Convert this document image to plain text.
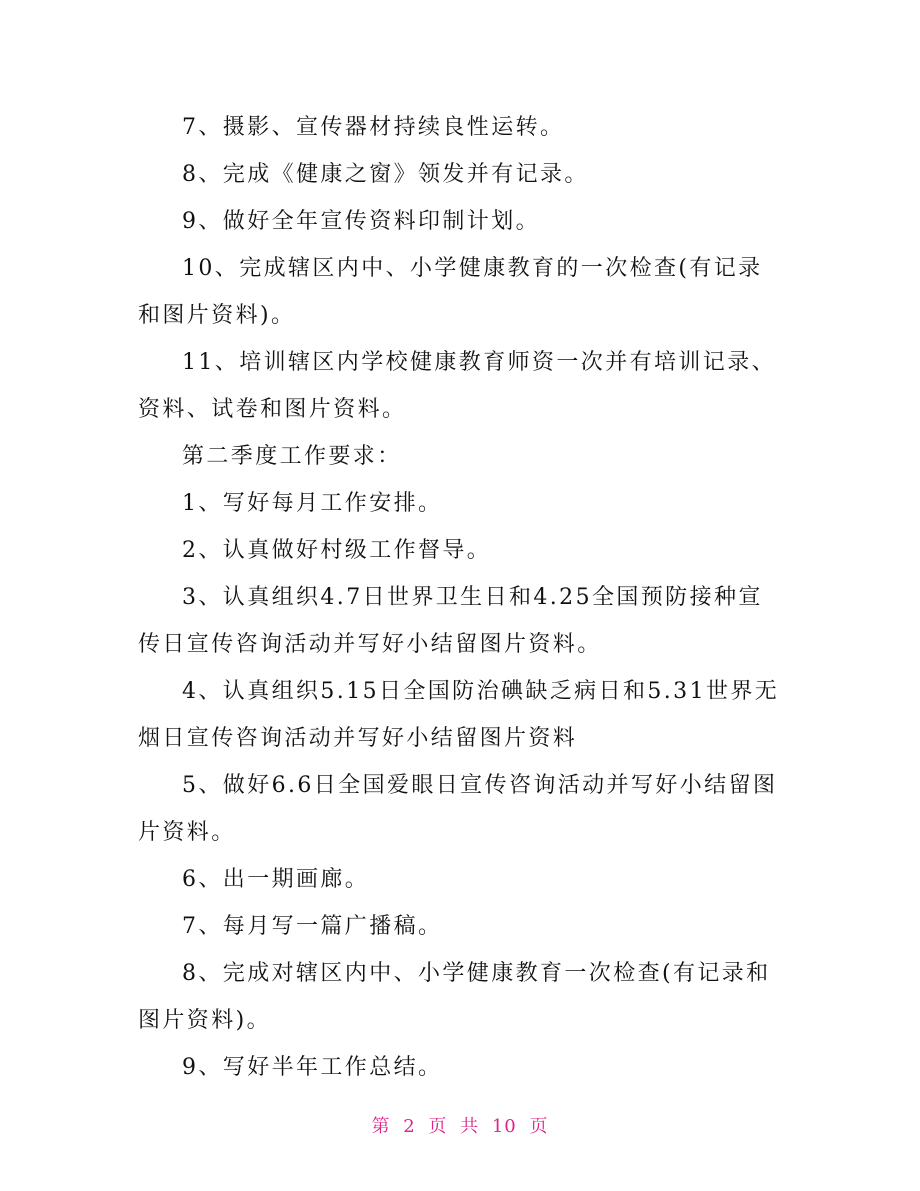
7、摄影、宣传器材持续良性运转。

8、完成《健康之窗》领发并有记录。

9、做好全年宣传资料印制计划。

10、完成辖区内中、小学健康教育的一次检查(有记录和图片资料)。

11、培训辖区内学校健康教育师资一次并有培训记录、资料、试卷和图片资料。

第二季度工作要求：

1、写好每月工作安排。

2、认真做好村级工作督导。

3、认真组织4.7日世界卫生日和4.25全国预防接种宣传日宣传咨询活动并写好小结留图片资料。

4、认真组织5.15日全国防治碘缺乏病日和5.31世界无烟日宣传咨询活动并写好小结留图片资料

5、做好6.6日全国爱眼日宣传咨询活动并写好小结留图片资料。

6、出一期画廊。

7、每月写一篇广播稿。

8、完成对辖区内中、小学健康教育一次检查(有记录和图片资料)。

9、写好半年工作总结。

第 2 页 共 10 页
